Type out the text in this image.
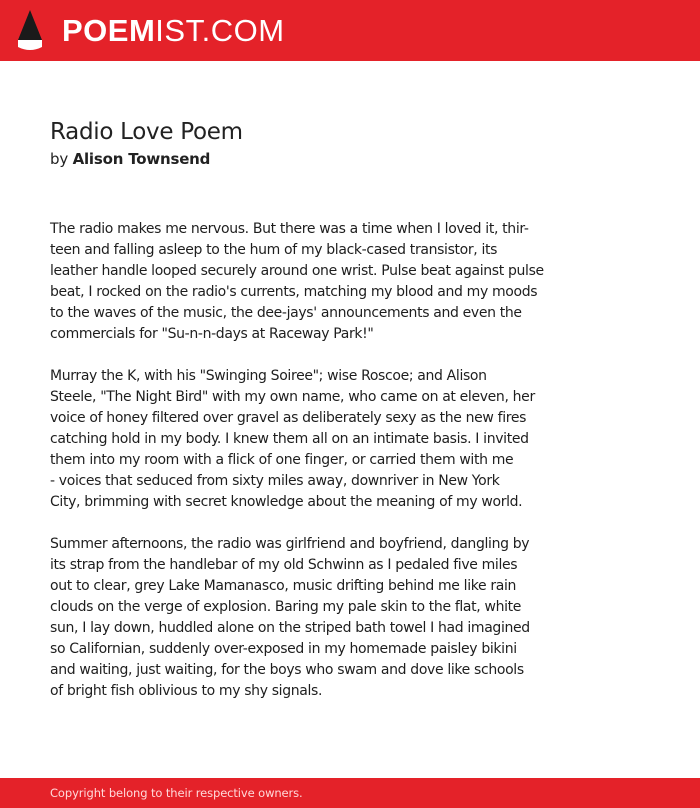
POEMIST.COM
Radio Love Poem
by Alison Townsend
The radio makes me nervous. But there was a time when I loved it, thir-
teen and falling asleep to the hum of my black-cased transistor, its
leather handle looped securely around one wrist. Pulse beat against pulse
beat, I rocked on the radio's currents, matching my blood and my moods
to the waves of the music, the dee-jays' announcements and even the
commercials for "Su-n-n-days at Raceway Park!"
Murray the K, with his "Swinging Soiree"; wise Roscoe; and Alison
Steele, "The Night Bird" with my own name, who came on at eleven, her
voice of honey filtered over gravel as deliberately sexy as the new fires
catching hold in my body. I knew them all on an intimate basis. I invited
them into my room with a flick of one finger, or carried them with me
- voices that seduced from sixty miles away, downriver in New York
City, brimming with secret knowledge about the meaning of my world.
Summer afternoons, the radio was girlfriend and boyfriend, dangling by
its strap from the handlebar of my old Schwinn as I pedaled five miles
out to clear, grey Lake Mamanasco, music drifting behind me like rain
clouds on the verge of explosion. Baring my pale skin to the flat, white
sun, I lay down, huddled alone on the striped bath towel I had imagined
so Californian, suddenly over-exposed in my homemade paisley bikini
and waiting, just waiting, for the boys who swam and dove like schools
of bright fish oblivious to my shy signals.
Copyright belong to their respective owners.
